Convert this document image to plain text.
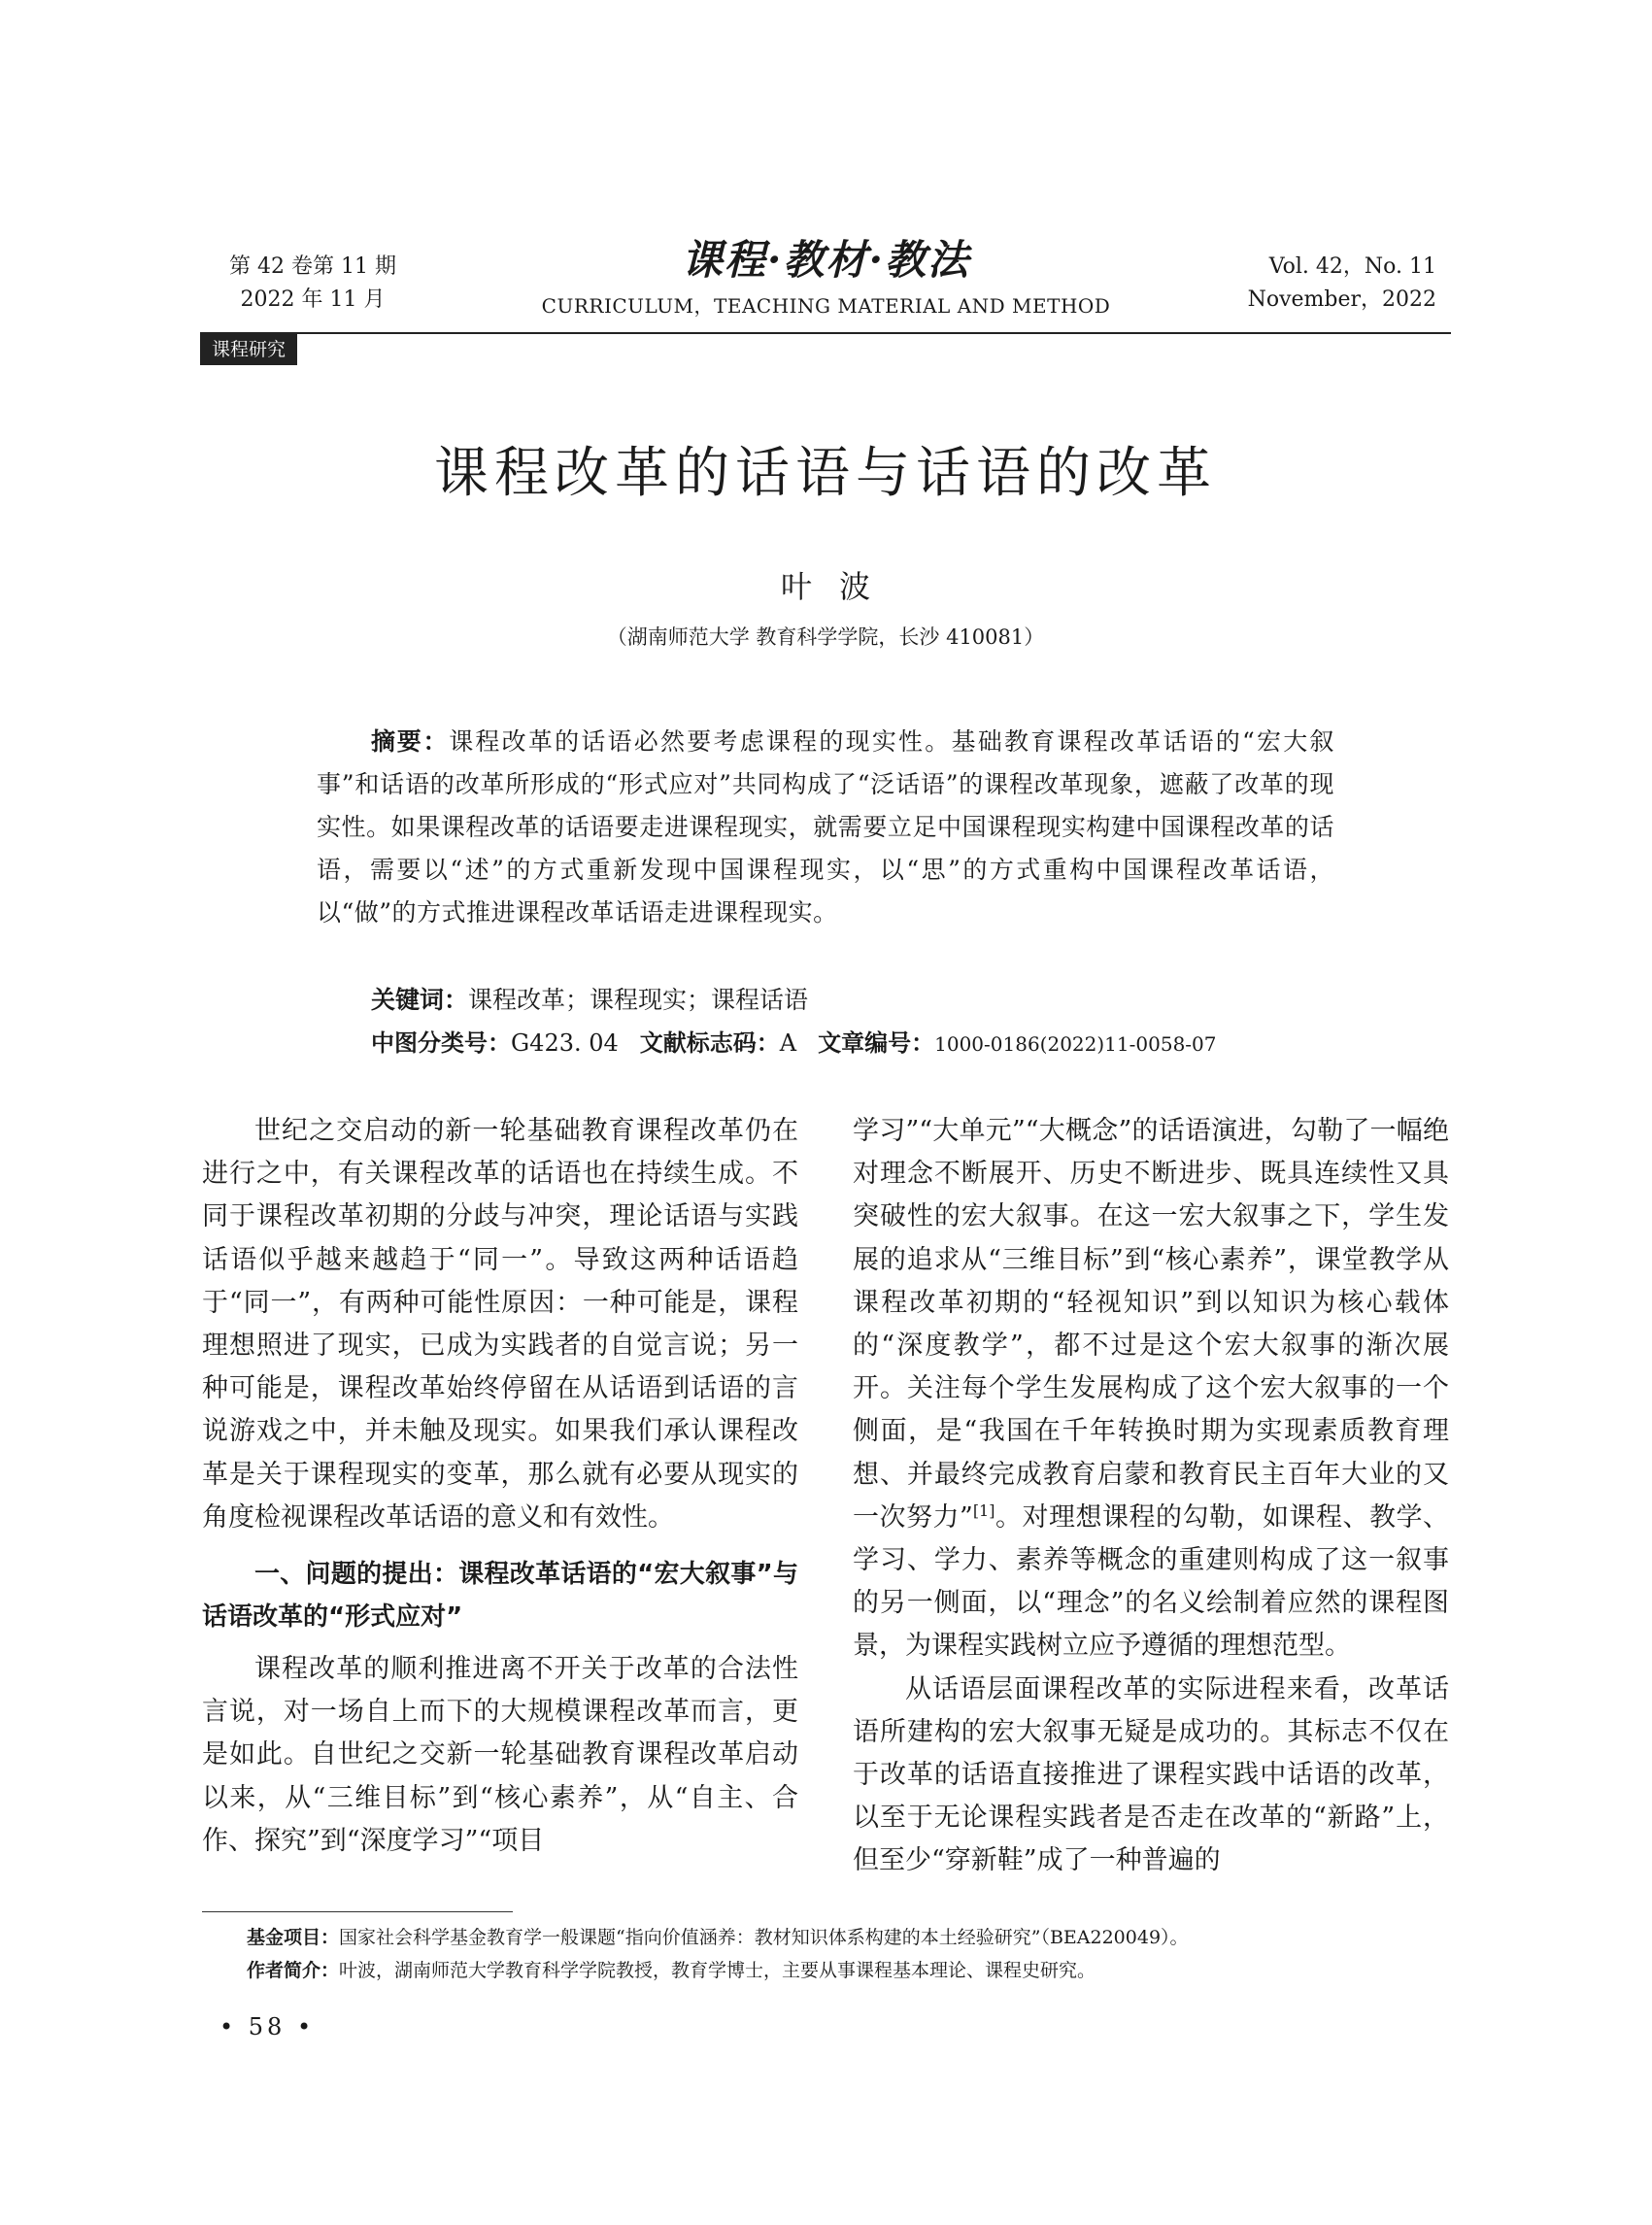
第 42 卷第 11 期
2022 年 11 月
课程·教材·教法
CURRICULUM，TEACHING MATERIAL AND METHOD
Vol. 42，No. 11
November，2022
课程研究
课程改革的话语与话语的改革
叶波
（湖南师范大学 教育科学学院，长沙 410081）
摘要：课程改革的话语必然要考虑课程的现实性。基础教育课程改革话语的“宏大叙事”和话语的改革所形成的“形式应对”共同构成了“泛话语”的课程改革现象，遮蔽了改革的现实性。如果课程改革的话语要走进课程现实，就需要立足中国课程现实构建中国课程改革的话语，需要以“述”的方式重新发现中国课程现实，以“思”的方式重构中国课程改革话语，以“做”的方式推进课程改革话语走进课程现实。
关键词：课程改革；课程现实；课程话语
中图分类号：G423. 04 文献标志码：A 文章编号：1000-0186(2022)11-0058-07

世纪之交启动的新一轮基础教育课程改革仍在进行之中，有关课程改革的话语也在持续生成。不同于课程改革初期的分歧与冲突，理论话语与实践话语似乎越来越趋于“同一”。导致这两种话语趋于“同一”，有两种可能性原因：一种可能是，课程理想照进了现实，已成为实践者的自觉言说；另一种可能是，课程改革始终停留在从话语到话语的言说游戏之中，并未触及现实。如果我们承认课程改革是关于课程现实的变革，那么就有必要从现实的角度检视课程改革话语的意义和有效性。

一、问题的提出：课程改革话语的“宏大叙事”与话语改革的“形式应对”

课程改革的顺利推进离不开关于改革的合法性言说，对一场自上而下的大规模课程改革而言，更是如此。自世纪之交新一轮基础教育课程改革启动以来，从“三维目标”到“核心素养”，从“自主、合作、探究”到“深度学习”“项目

学习”“大单元”“大概念”的话语演进，勾勒了一幅绝对理念不断展开、历史不断进步、既具连续性又具突破性的宏大叙事。在这一宏大叙事之下，学生发展的追求从“三维目标”到“核心素养”，课堂教学从课程改革初期的“轻视知识”到以知识为核心载体的“深度教学”，都不过是这个宏大叙事的渐次展开。关注每个学生发展构成了这个宏大叙事的一个侧面，是“我国在千年转换时期为实现素质教育理想、并最终完成教育启蒙和教育民主百年大业的又一次努力”[1]。对理想课程的勾勒，如课程、教学、学习、学力、素养等概念的重建则构成了这一叙事的另一侧面，以“理念”的名义绘制着应然的课程图景，为课程实践树立应予遵循的理想范型。

从话语层面课程改革的实际进程来看，改革话语所建构的宏大叙事无疑是成功的。其标志不仅在于改革的话语直接推进了课程实践中话语的改革，以至于无论课程实践者是否走在改革的“新路”上，但至少“穿新鞋”成了一种普遍的

基金项目：国家社会科学基金教育学一般课题“指向价值涵养：教材知识体系构建的本土经验研究”（BEA220049）。
作者简介：叶波，湖南师范大学教育科学学院教授，教育学博士，主要从事课程基本理论、课程史研究。
• 58 •
